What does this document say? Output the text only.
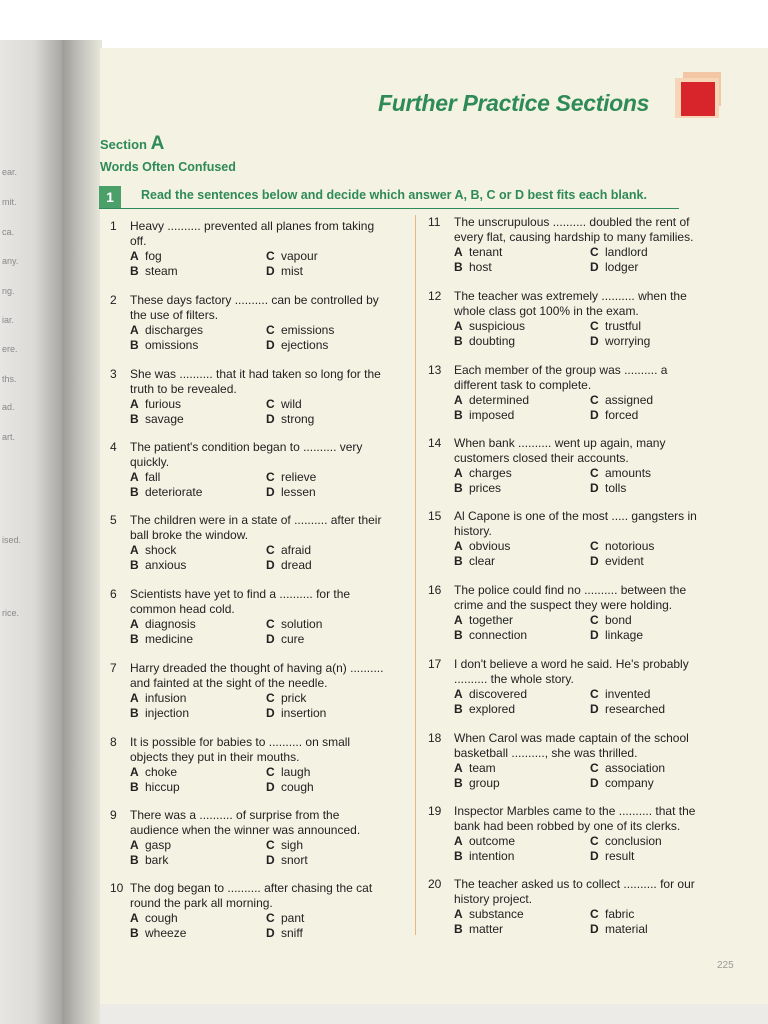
ear.
mit.
ca.
any.
ng.
iar.
ere.
ths.
ad.
art.
ised.
rice.
Further Practice Sections
Section A
Words Often Confused
1	Read the sentences below and decide which answer A, B, C or D best fits each blank.
1	Heavy .......... prevented all planes from taking
off.
A fog	C vapour
B steam	D mist
2	These days factory .......... can be controlled by
the use of filters.
A discharges	C emissions
B omissions	D ejections
3	She was .......... that it had taken so long for the
truth to be revealed.
A furious	C wild
B savage	D strong
4	The patient's condition began to .......... very
quickly.
A fall	C relieve
B deteriorate	D lessen
5	The children were in a state of .......... after their
ball broke the window.
A shock	C afraid
B anxious	D dread
6	Scientists have yet to find a .......... for the
common head cold.
A diagnosis	C solution
B medicine	D cure
7	Harry dreaded the thought of having a(n) ..........
and fainted at the sight of the needle.
A infusion	C prick
B injection	D insertion
8	It is possible for babies to .......... on small
objects they put in their mouths.
A choke	C laugh
B hiccup	D cough
9	There was a .......... of surprise from the
audience when the winner was announced.
A gasp	C sigh
B bark	D snort
10 The dog began to .......... after chasing the cat
round the park all morning.
A cough	C pant
B wheeze	D sniff
11	The unscrupulous .......... doubled the rent of
every flat, causing hardship to many families.
A tenant	C landlord
B host	D lodger
12	The teacher was extremely .......... when the
whole class got 100% in the exam.
A suspicious	C trustful
B doubting	D worrying
13	Each member of the group was .......... a
different task to complete.
A determined	C assigned
B imposed	D forced
14	When bank .......... went up again, many
customers closed their accounts.
A charges	C amounts
B prices	D tolls
15	Al Capone is one of the most ..... gangsters in
history.
A obvious	C notorious
B clear	D evident
16	The police could find no .......... between the
crime and the suspect they were holding.
A together	C bond
B connection	D linkage
17	I don't believe a word he said. He's probably
.......... the whole story.
A discovered	C invented
B explored	D researched
18	When Carol was made captain of the school
basketball .........., she was thrilled.
A team	C association
B group	D company
19	Inspector Marbles came to the .......... that the
bank had been robbed by one of its clerks.
A outcome	C conclusion
B intention	D result
20	The teacher asked us to collect .......... for our
history project.
A substance	C fabric
B matter	D material
225
